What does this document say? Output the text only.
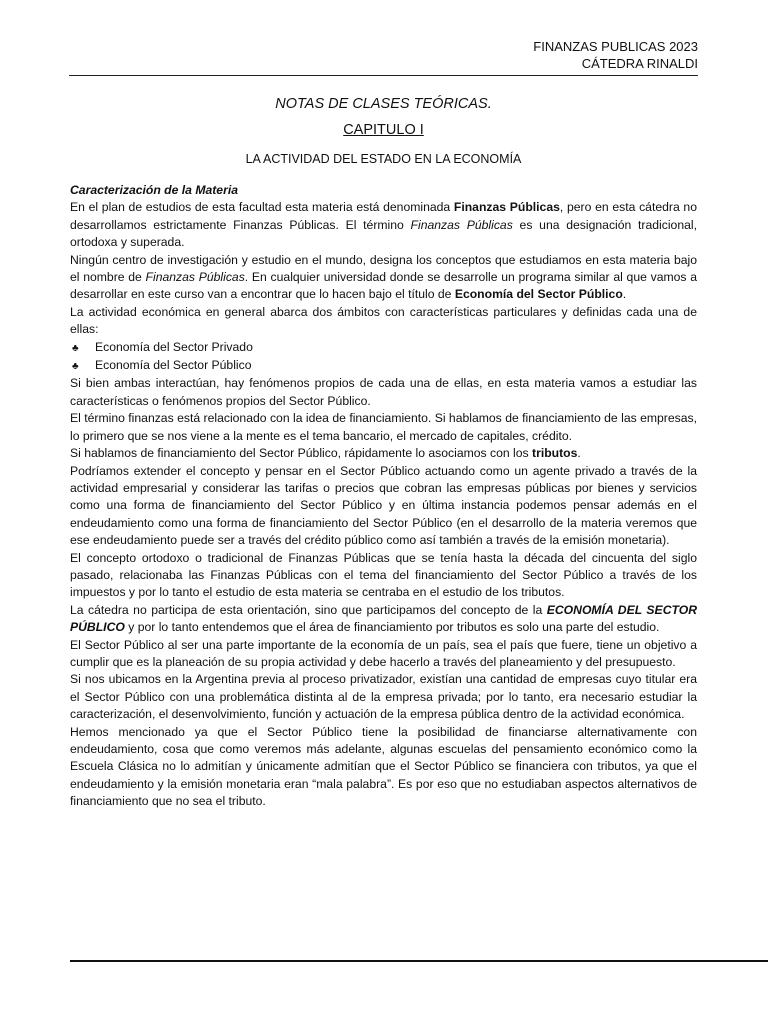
FINANZAS PUBLICAS 2023
CÁTEDRA RINALDI
NOTAS DE CLASES TEÓRICAS.
CAPITULO I
LA ACTIVIDAD DEL ESTADO EN LA ECONOMÍA
Caracterización de la Materia

En el plan de estudios de esta facultad esta materia está denominada Finanzas Públicas, pero en esta cátedra no desarrollamos estrictamente Finanzas Públicas. El término Finanzas Públicas es una designación tradicional, ortodoxa y superada.

Ningún centro de investigación y estudio en el mundo, designa los conceptos que estudiamos en esta materia bajo el nombre de Finanzas Públicas. En cualquier universidad donde se desarrolle un programa similar al que vamos a desarrollar en este curso van a encontrar que lo hacen bajo el título de Economía del Sector Público.

La actividad económica en general abarca dos ámbitos con características particulares y definidas cada una de ellas:

♣	Economía del Sector Privado
♣	Economía del Sector Público

Si bien ambas interactúan, hay fenómenos propios de cada una de ellas, en esta materia vamos a estudiar las características o fenómenos propios del Sector Público.

El término finanzas está relacionado con la idea de financiamiento. Si hablamos de financiamiento de las empresas, lo primero que se nos viene a la mente es el tema bancario, el mercado de capitales, crédito.

Si hablamos de financiamiento del Sector Público, rápidamente lo asociamos con los tributos.

Podríamos extender el concepto y pensar en el Sector Público actuando como un agente privado a través de la actividad empresarial y considerar las tarifas o precios que cobran las empresas públicas por bienes y servicios como una forma de financiamiento del Sector Público y en última instancia podemos pensar además en el endeudamiento como una forma de financiamiento del Sector Público (en el desarrollo de la materia veremos que ese endeudamiento puede ser a través del crédito público como así también a través de la emisión monetaria).

El concepto ortodoxo o tradicional de Finanzas Públicas que se tenía hasta la década del cincuenta del siglo pasado, relacionaba las Finanzas Públicas con el tema del financiamiento del Sector Público a través de los impuestos y por lo tanto el estudio de esta materia se centraba en el estudio de los tributos.

La cátedra no participa de esta orientación, sino que participamos del concepto de la ECONOMÍA DEL SECTOR PÚBLICO y por lo tanto entendemos que el área de financiamiento por tributos es solo una parte del estudio.

El Sector Público al ser una parte importante de la economía de un país, sea el país que fuere, tiene un objetivo a cumplir que es la planeación de su propia actividad y debe hacerlo a través del planeamiento y del presupuesto.

Si nos ubicamos en la Argentina previa al proceso privatizador, existían una cantidad de empresas cuyo titular era el Sector Público con una problemática distinta al de la empresa privada; por lo tanto, era necesario estudiar la caracterización, el desenvolvimiento, función y actuación de la empresa pública dentro de la actividad económica.

Hemos mencionado ya que el Sector Público tiene la posibilidad de financiarse alternativamente con endeudamiento, cosa que como veremos más adelante, algunas escuelas del pensamiento económico como la Escuela Clásica no lo admitían y únicamente admitían que el Sector Público se financiera con tributos, ya que el endeudamiento y la emisión monetaria eran “mala palabra”. Es por eso que no estudiaban aspectos alternativos de financiamiento que no sea el tributo.
